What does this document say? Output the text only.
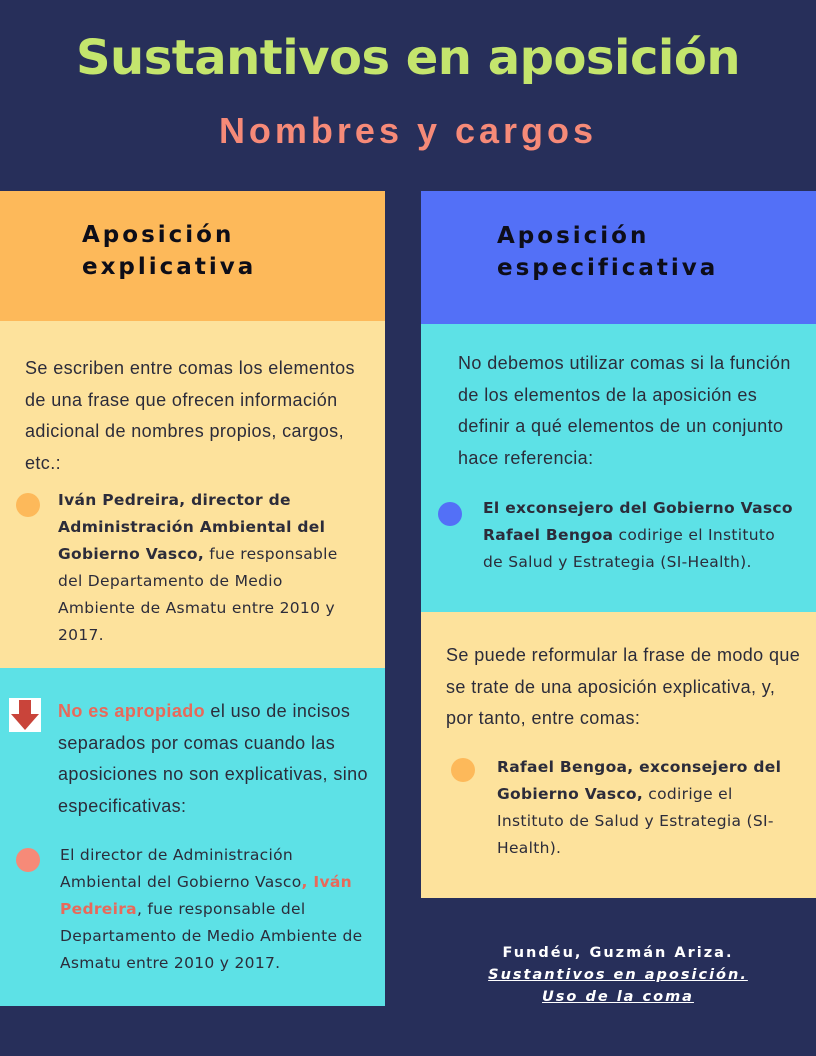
Sustantivos en aposición
Nombres y cargos
Aposición
explicativa
Se escriben entre comas los elementos de una frase que ofrecen información adicional de nombres propios, cargos, etc.:
Iván Pedreira, director de Administración Ambiental del Gobierno Vasco, fue responsable del Departamento de Medio Ambiente de Asmatu entre 2010 y 2017.
No es apropiado el uso de incisos separados por comas cuando las aposiciones no son explicativas, sino especificativas:
El director de Administración Ambiental del Gobierno Vasco, Iván Pedreira, fue responsable del Departamento de Medio Ambiente de Asmatu entre 2010 y 2017.
Aposición
especificativa
No debemos utilizar comas si la función de los elementos de la aposición es definir a qué elementos de un conjunto hace referencia:
El exconsejero del Gobierno Vasco Rafael Bengoa codirige el Instituto de Salud y Estrategia (SI-Health).
Se puede reformular la frase de modo que se trate de una aposición explicativa, y, por tanto, entre comas:
Rafael Bengoa, exconsejero del Gobierno Vasco, codirige el Instituto de Salud y Estrategia (SI-Health).
Fundéu, Guzmán Ariza.
Sustantivos en aposición.
Uso de la coma
